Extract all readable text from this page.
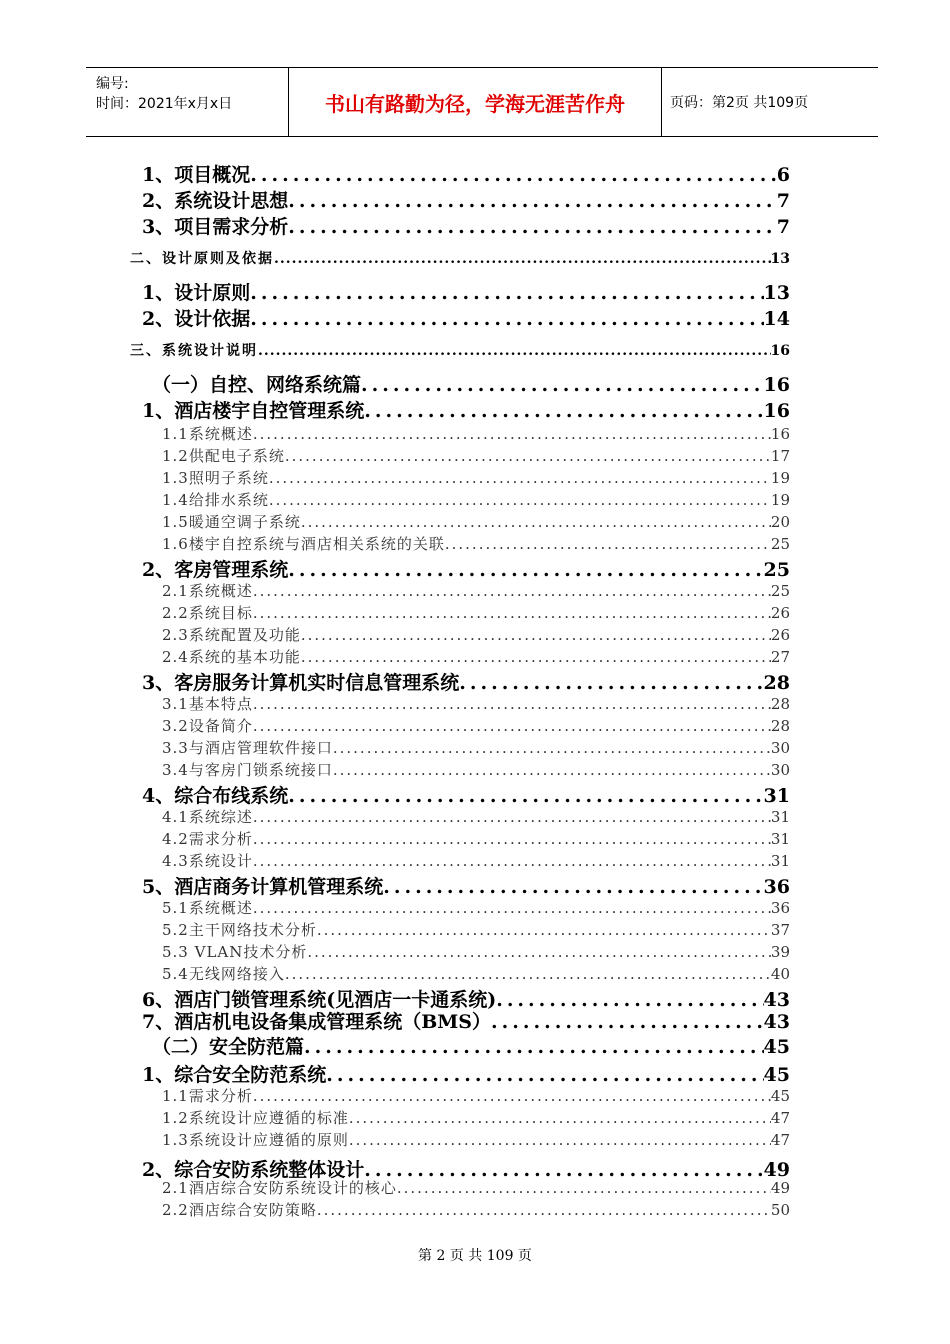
编号:
时间：2021年x月x日	书山有路勤为径，学海无涯苦作舟	页码：第2页 共109页
1、项目概况 .....	6
2、系统设计思想 .....	7
3、项目需求分析 .....	7
二、设计原则及依据 .....	13
1、设计原则 .....	13
2、设计依据 .....	14
三、系统设计说明 .....	16
（一）自控、网络系统篇 .....	16
1、酒店楼宇自控管理系统 .....	16
1.1系统概述 .....	16
1.2供配电子系统 .....	17
1.3照明子系统 .....	19
1.4给排水系统 .....	19
1.5暖通空调子系统 .....	20
1.6楼宇自控系统与酒店相关系统的关联 .....	25
2、客房管理系统 .....	25
2.1系统概述 .....	25
2.2系统目标 .....	26
2.3系统配置及功能 .....	26
2.4系统的基本功能 .....	27
3、客房服务计算机实时信息管理系统 .....	28
3.1基本特点 .....	28
3.2设备简介 .....	28
3.3与酒店管理软件接口 .....	30
3.4与客房门锁系统接口 .....	30
4、综合布线系统 .....	31
4.1系统综述 .....	31
4.2需求分析 .....	31
4.3系统设计 .....	31
5、酒店商务计算机管理系统 .....	36
5.1系统概述 .....	36
5.2主干网络技术分析 .....	37
5.3 VLAN技术分析 .....	39
5.4无线网络接入 .....	40
6、酒店门锁管理系统(见酒店一卡通系统) .....	43
7、酒店机电设备集成管理系统（BMS） .....	43
（二）安全防范篇 .....	45
1、综合安全防范系统 .....	45
1.1需求分析 .....	45
1.2系统设计应遵循的标准 .....	47
1.3系统设计应遵循的原则 .....	47
2、综合安防系统整体设计 .....	49
2.1酒店综合安防系统设计的核心 .....	49
2.2酒店综合安防策略 .....	50
第 2 页 共 109 页
